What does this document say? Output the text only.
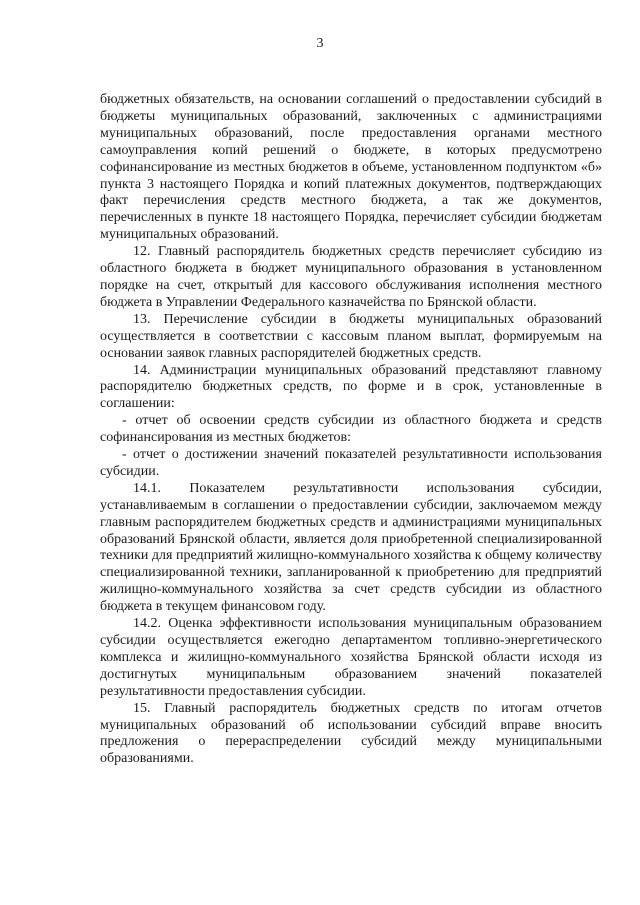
3

бюджетных обязательств, на основании соглашений о предоставлении субсидий в бюджеты муниципальных образований, заключенных с администрациями муниципальных образований, после предоставления органами местного самоуправления копий решений о бюджете, в которых предусмотрено софинансирование из местных бюджетов в объеме, установленном подпунктом «б» пункта 3 настоящего Порядка и копий платежных документов, подтверждающих факт перечисления средств местного бюджета, а так же документов, перечисленных в пункте 18 настоящего Порядка, перечисляет субсидии бюджетам муниципальных образований.

12. Главный распорядитель бюджетных средств перечисляет субсидию из областного бюджета в бюджет муниципального образования в установленном порядке на счет, открытый для кассового обслуживания исполнения местного бюджета в Управлении Федерального казначейства по Брянской области.

13. Перечисление субсидии в бюджеты муниципальных образований осуществляется в соответствии с кассовым планом выплат, формируемым на основании заявок главных распорядителей бюджетных средств.

14. Администрации муниципальных образований представляют главному распорядителю бюджетных средств, по форме и в срок, установленные в соглашении:

- отчет об освоении средств субсидии из областного бюджета и средств софинансирования из местных бюджетов:

- отчет о достижении значений показателей результативности использования субсидии.

14.1. Показателем результативности использования субсидии, устанавливаемым в соглашении о предоставлении субсидии, заключаемом между главным распорядителем бюджетных средств и администрациями муниципальных образований Брянской области, является доля приобретенной специализированной техники для предприятий жилищно-коммунального хозяйства к общему количеству специализированной техники, запланированной к приобретению для предприятий жилищно-коммунального хозяйства за счет средств субсидии из областного бюджета в текущем финансовом году.

14.2. Оценка эффективности использования муниципальным образованием субсидии осуществляется ежегодно департаментом топливно-энергетического комплекса и жилищно-коммунального хозяйства Брянской области исходя из достигнутых муниципальным образованием значений показателей результативности предоставления субсидии.

15. Главный распорядитель бюджетных средств по итогам отчетов муниципальных образований об использовании субсидий вправе вносить предложения о перераспределении субсидий между муниципальными образованиями.
